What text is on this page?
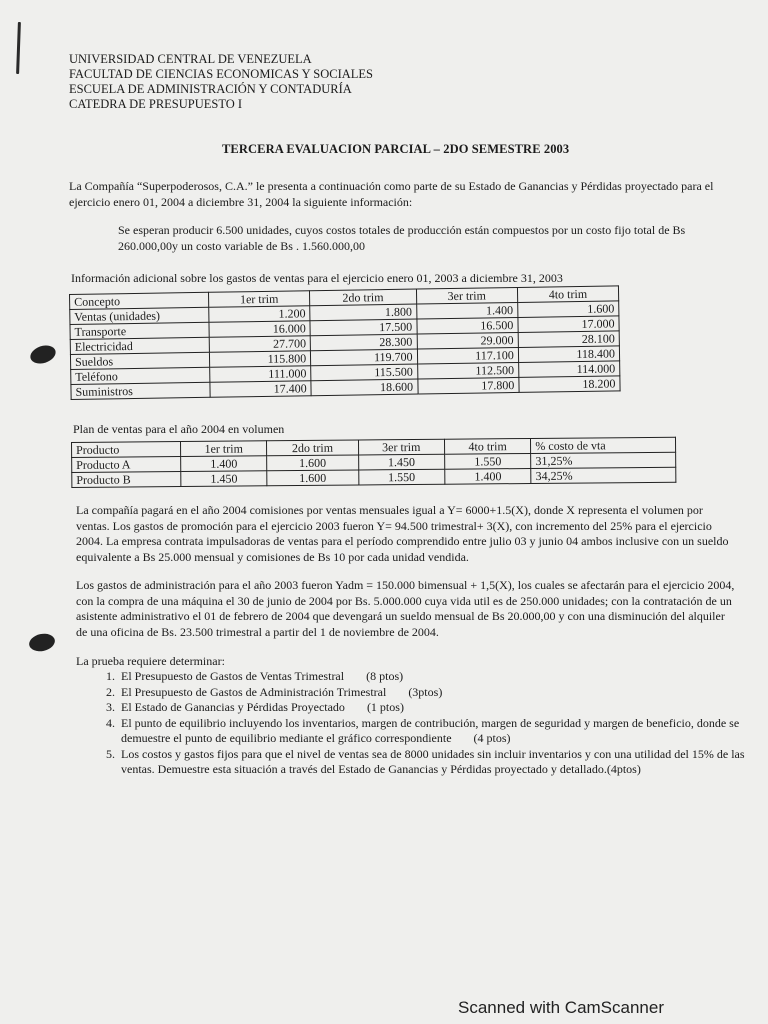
UNIVERSIDAD CENTRAL DE VENEZUELA
FACULTAD DE CIENCIAS ECONOMICAS Y SOCIALES
ESCUELA DE ADMINISTRACIÓN Y CONTADURÍA
CATEDRA DE PRESUPUESTO I
TERCERA EVALUACION PARCIAL – 2DO SEMESTRE 2003
La Compañía “Superpoderosos, C.A.” le presenta a continuación como parte de su Estado de Ganancias y Pérdidas proyectado para el ejercicio enero 01, 2004 a diciembre 31, 2004 la siguiente información:
Se esperan producir 6.500 unidades, cuyos costos totales de producción están compuestos por un costo fijo total de Bs 260.000,00y un costo variable de Bs . 1.560.000,00
Información adicional sobre los gastos de ventas para el ejercicio enero 01, 2003 a diciembre 31, 2003
Concepto	1er trim	2do trim	3er trim	4to trim
Ventas (unidades)	1.200	1.800	1.400	1.600
Transporte	16.000	17.500	16.500	17.000
Electricidad	27.700	28.300	29.000	28.100
Sueldos	115.800	119.700	117.100	118.400
Teléfono	111.000	115.500	112.500	114.000
Suministros	17.400	18.600	17.800	18.200
Plan de ventas para el año 2004 en volumen
Producto	1er trim	2do trim	3er trim	4to trim	% costo de vta
Producto A	1.400	1.600	1.450	1.550	31,25%
Producto B	1.450	1.600	1.550	1.400	34,25%
La compañía pagará en el año 2004 comisiones por ventas mensuales igual a Y= 6000+1.5(X), donde X representa el volumen por ventas. Los gastos de promoción para el ejercicio 2003 fueron Y= 94.500 trimestral+ 3(X), con incremento del 25% para el ejercicio 2004. La empresa contrata impulsadoras de ventas para el período comprendido entre julio 03 y junio 04 ambos inclusive con un sueldo equivalente a Bs 25.000 mensual y comisiones de Bs 10 por cada unidad vendida.
Los gastos de administración para el año 2003 fueron Yadm = 150.000 bimensual + 1,5(X), los cuales se afectarán para el ejercicio 2004, con la compra de una máquina el 30 de junio de 2004 por Bs. 5.000.000 cuya vida util es de 250.000 unidades; con la contratación de un asistente administrativo el 01 de febrero de 2004 que devengará un sueldo mensual de Bs 20.000,00 y con una disminución del alquiler de una oficina de Bs. 23.500 trimestral a partir del 1 de noviembre de 2004.
La prueba requiere determinar:
1. El Presupuesto de Gastos de Ventas Trimestral (8 ptos)
2. El Presupuesto de Gastos de Administración Trimestral (3ptos)
3. El Estado de Ganancias y Pérdidas Proyectado (1 ptos)
4. El punto de equilibrio incluyendo los inventarios, margen de contribución, margen de seguridad y margen de beneficio, donde se demuestre el punto de equilibrio mediante el gráfico correspondiente (4 ptos)
5. Los costos y gastos fijos para que el nivel de ventas sea de 8000 unidades sin incluir inventarios y con una utilidad del 15% de las ventas. Demuestre esta situación a través del Estado de Ganancias y Pérdidas proyectado y detallado.(4ptos)
Scanned with CamScanner
